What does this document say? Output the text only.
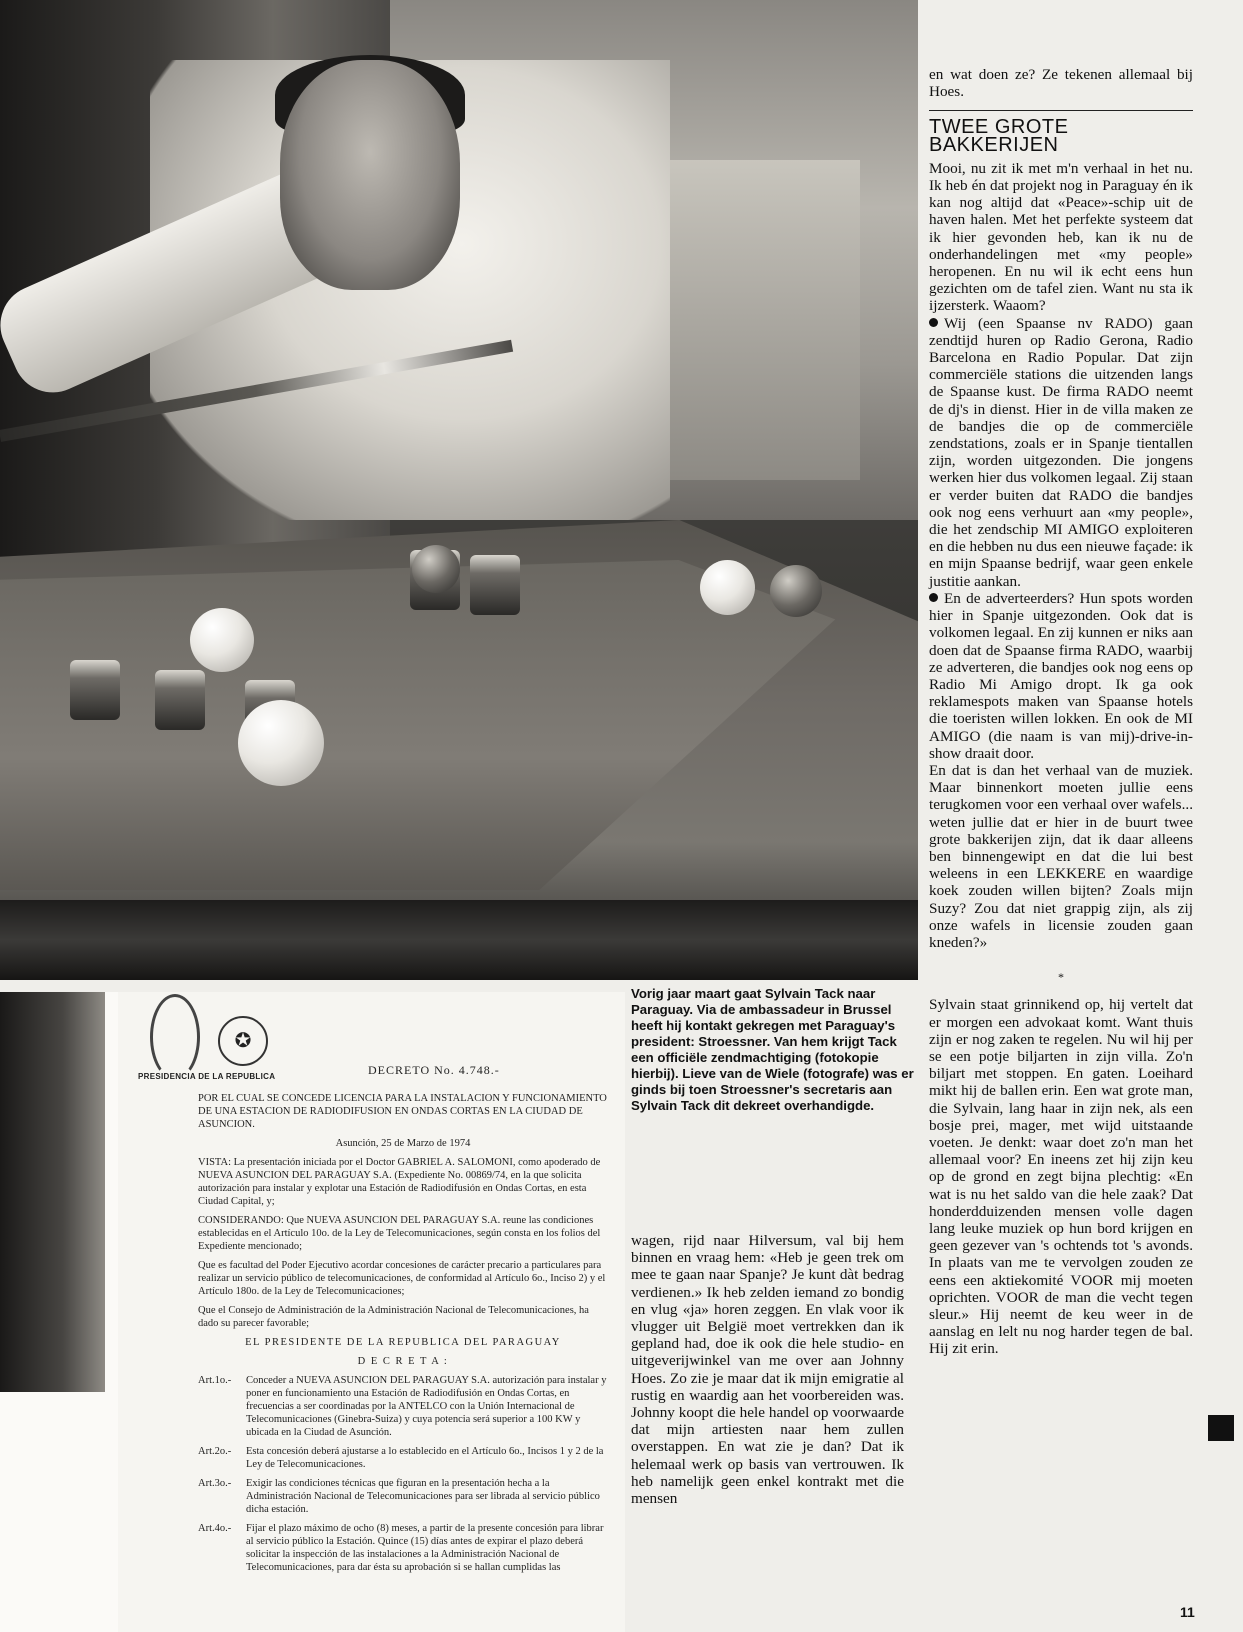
✪
PRESIDENCIA DE LA REPUBLICA	DECRETO No. 4.748.-

POR EL CUAL SE CONCEDE LICENCIA PARA LA INSTALACION Y FUNCIONAMIENTO DE UNA ESTACION DE RADIODIFUSION EN ONDAS CORTAS EN LA CIUDAD DE ASUNCION.

Asunción, 25 de Marzo de 1974

VISTA: La presentación iniciada por el Doctor GABRIEL A. SALOMONI, como apoderado de NUEVA ASUNCION DEL PARAGUAY S.A. (Expediente No. 00869/74, en la que solicita autorización para instalar y explotar una Estación de Radiodifusión en Ondas Cortas, en esta Ciudad Capital, y;

CONSIDERANDO: Que NUEVA ASUNCION DEL PARAGUAY S.A. reune las condiciones establecidas en el Artículo 10o. de la Ley de Telecomunicaciones, según consta en los folios del Expediente mencionado;

Que es facultad del Poder Ejecutivo acordar concesiones de carácter precario a particulares para realizar un servicio público de telecomunicaciones, de conformidad al Artículo 6o., Inciso 2) y el Artículo 180o. de la Ley de Telecomunicaciones;

Que el Consejo de Administración de la Administración Nacional de Telecomunicaciones, ha dado su parecer favorable;

EL PRESIDENTE DE LA REPUBLICA DEL PARAGUAY

D E C R E T A :

Art.1o.-	Conceder a NUEVA ASUNCION DEL PARAGUAY S.A. autorización para instalar y poner en funcionamiento una Estación de Radiodifusión en Ondas Cortas, en frecuencias a ser coordinadas por la ANTELCO con la Unión Internacional de Telecomunicaciones (Ginebra-Suiza) y cuya potencia será superior a 100 KW y ubicada en la Ciudad de Asunción.

Art.2o.-	Esta concesión deberá ajustarse a lo establecido en el Artículo 6o., Incisos 1 y 2 de la Ley de Telecomunicaciones.

Art.3o.-	Exigir las condiciones técnicas que figuran en la presentación hecha a la Administración Nacional de Telecomunicaciones para ser librada al servicio público dicha estación.

Art.4o.-	Fijar el plazo máximo de ocho (8) meses, a partir de la presente concesión para librar al servicio público la Estación. Quince (15) días antes de expirar el plazo deberá solicitar la inspección de las instalaciones a la Administración Nacional de Telecomunicaciones, para dar ésta su aprobación si se hallan cumplidas las

en wat doen ze? Ze tekenen allemaal bij Hoes.

TWEE GROTE BAKKERIJEN

Mooi, nu zit ik met m'n verhaal in het nu. Ik heb én dat projekt nog in Paraguay én ik kan nog altijd dat «Peace»-schip uit de haven halen. Met het perfekte systeem dat ik hier gevonden heb, kan ik nu de onderhandelingen met «my people» heropenen. En nu wil ik echt eens hun gezichten om de tafel zien. Want nu sta ik ijzersterk. Waaom?

Wij (een Spaanse nv RADO) gaan zendtijd huren op Radio Gerona, Radio Barcelona en Radio Popular. Dat zijn commerciële stations die uitzenden langs de Spaanse kust. De firma RADO neemt de dj's in dienst. Hier in de villa maken ze de bandjes die op de commerciële zendstations, zoals er in Spanje tientallen zijn, worden uitgezonden. Die jongens werken hier dus volkomen legaal. Zij staan er verder buiten dat RADO die bandjes ook nog eens verhuurt aan «my people», die het zendschip MI AMIGO exploiteren en die hebben nu dus een nieuwe façade: ik en mijn Spaanse bedrijf, waar geen enkele justitie aankan.

En de adverteerders? Hun spots worden hier in Spanje uitgezonden. Ook dat is volkomen legaal. En zij kunnen er niks aan doen dat de Spaanse firma RADO, waarbij ze adverteren, die bandjes ook nog eens op Radio Mi Amigo dropt. Ik ga ook reklamespots maken van Spaanse hotels die toeristen willen lokken. En ook de MI AMIGO (die naam is van mij)-drive-in-show draait door.

En dat is dan het verhaal van de muziek. Maar binnenkort moeten jullie eens terugkomen voor een verhaal over wafels... weten jullie dat er hier in de buurt twee grote bakkerijen zijn, dat ik daar alleens ben binnengewipt en dat die lui best weleens in een LEKKERE en waardige koek zouden willen bijten? Zoals mijn Suzy? Zou dat niet grappig zijn, als zij onze wafels in licensie zouden gaan kneden?»

*

Sylvain staat grinnikend op, hij vertelt dat er morgen een advokaat komt. Want thuis zijn er nog zaken te regelen. Nu wil hij per se een potje biljarten in zijn villa. Zo'n biljart met stoppen. En gaten. Loeihard mikt hij de ballen erin. Een wat grote man, die Sylvain, lang haar in zijn nek, als een bosje prei, mager, met wijd uitstaande voeten. Je denkt: waar doet zo'n man het allemaal voor? En ineens zet hij zijn keu op de grond en zegt bijna plechtig: «En wat is nu het saldo van die hele zaak? Dat honderdduizenden mensen volle dagen lang leuke muziek op hun bord krijgen en geen gezever van 's ochtends tot 's avonds. In plaats van me te vervolgen zouden ze eens een aktiekomité VOOR mij moeten oprichten. VOOR de man die vecht tegen sleur.» Hij neemt de keu weer in de aanslag en lelt nu nog harder tegen de bal. Hij zit erin.

Vorig jaar maart gaat Sylvain Tack naar Paraguay. Via de ambassadeur in Brussel heeft hij kontakt gekregen met Paraguay's president: Stroessner. Van hem krijgt Tack een officiële zendmachtiging (fotokopie hierbij). Lieve van de Wiele (fotografe) was er ginds bij toen Stroessner's secretaris aan Sylvain Tack dit dekreet overhandigde.

wagen, rijd naar Hilversum, val bij hem binnen en vraag hem: «Heb je geen trek om mee te gaan naar Spanje? Je kunt dàt bedrag verdienen.» Ik heb zelden iemand zo bondig en vlug «ja» horen zeggen. En vlak voor ik vlugger uit België moet vertrekken dan ik gepland had, doe ik ook die hele studio- en uitgeverijwinkel van me over aan Johnny Hoes. Zo zie je maar dat ik mijn emigratie al rustig en waardig aan het voorbereiden was. Johnny koopt die hele handel op voorwaarde dat mijn artiesten naar hem zullen overstappen. En wat zie je dan? Dat ik helemaal werk op basis van vertrouwen. Ik heb namelijk geen enkel kontrakt met die mensen

11
